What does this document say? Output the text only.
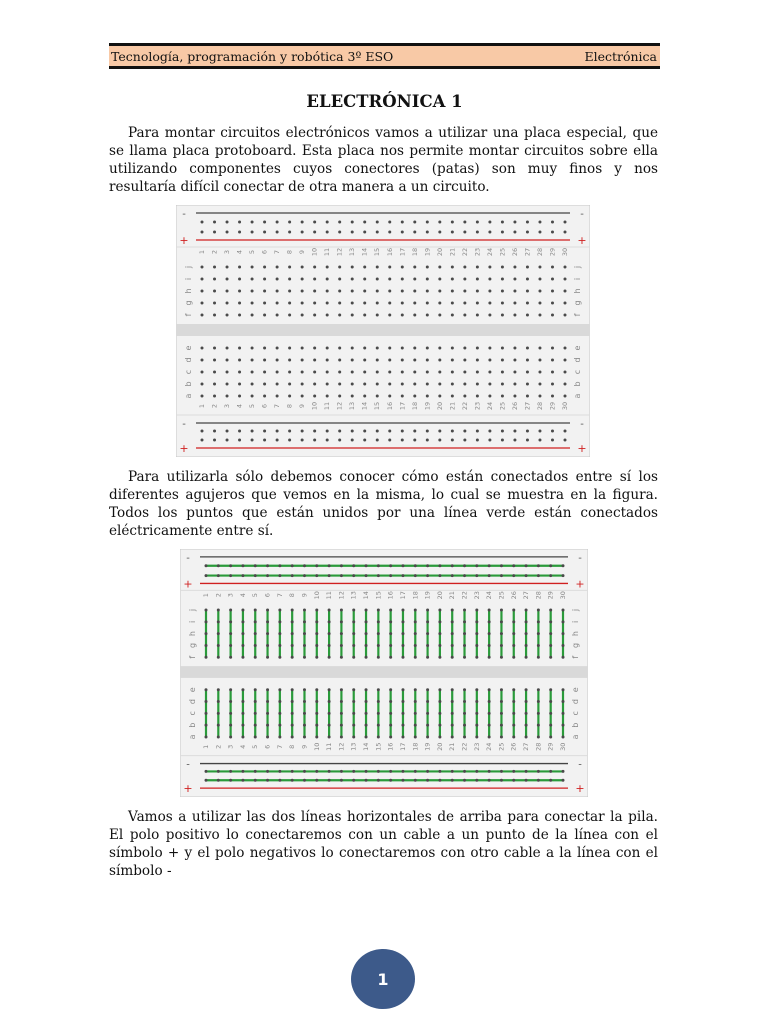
Tecnología, programación y robótica 3º ESO	Electrónica
ELECTRÓNICA 1

Para montar circuitos electrónicos vamos a utilizar una placa especial, que se llama placa protoboard. Esta placa nos permite montar circuitos sobre ella utilizando componentes cuyos conectores (patas) son muy finos y nos resultaría difícil conectar de otra manera a un circuito.

-	-
+	+
-	-
+	+
1
1
2
2
3
3
4
4
5
5
6
6
7
7
8
8
9
9
10
10
11
11
12
12
13
13
14
14
15
15
16
16
17
17
18
18
19
19
20
20
21
21
22
22
23
23
24
24
25
25
26
26
27
27
28
28
29
29
30
30
j	j
i	i
h	h
g	g
f	f
e	e
d	d
c	c
b	b
a	a

Para utilizarla sólo debemos conocer cómo están conectados entre sí los diferentes agujeros que vemos en la misma, lo cual se muestra en la figura. Todos los puntos que están unidos por una línea verde están conectados eléctricamente entre sí.

-	-
+	+
-	-
+	+
1
1
2
2
3
3
4
4
5
5
6
6
7
7
8
8
9
9
10
10
11
11
12
12
13
13
14
14
15
15
16
16
17
17
18
18
19
19
20
20
21
21
22
22
23
23
24
24
25
25
26
26
27
27
28
28
29
29
30
30
j	j
i	i
h	h
g	g
f	f
e	e
d	d
c	c
b	b
a	a

Vamos a utilizar las dos líneas horizontales de arriba para conectar la pila. El polo positivo lo conectaremos con un cable a un punto de la línea con el símbolo + y el polo negativos lo conectaremos con otro cable a la línea con el símbolo -

1
